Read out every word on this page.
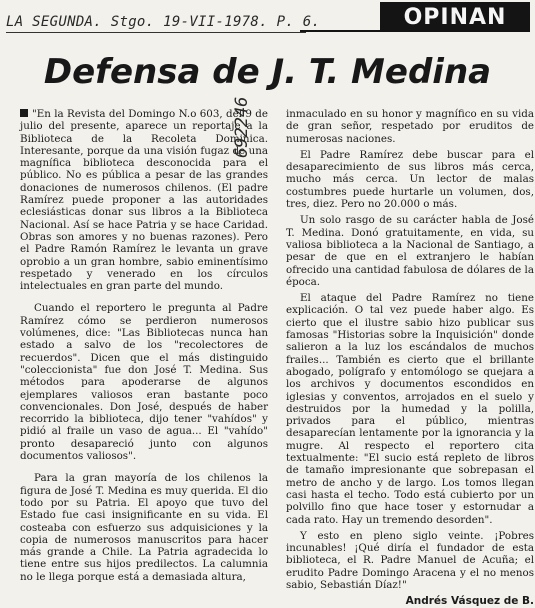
LA SEGUNDA. Stgo. 19-VII-1978. P. 6.	OPINAN
Defensa de J. T. Medina

"En la Revista del Domingo N.o 603, del 9 de julio del presente, aparece un reportaje a la Biblioteca de la Recoleta Dominica. Interesante, porque da una visión fugaz de una magnífica biblioteca desconocida para el público. No es pública a pesar de las grandes donaciones de numerosos chilenos. (El padre Ramírez puede proponer a las autoridades eclesiásticas donar sus libros a la Biblioteca Nacional. Así se hace Patria y se hace Caridad. Obras son amores y no buenas razones). Pero el Padre Ramón Ramírez le levanta un grave oprobio a un gran hombre, sabio eminentísimo respetado y venerado en los círculos intelectuales en gran parte del mundo.

Cuando el reportero le pregunta al Padre Ramírez cómo se perdieron numerosos volúmenes, dice: "Las Bibliotecas nunca han estado a salvo de los "recolectores de recuerdos". Dicen que el más distinguido "coleccionista" fue don José T. Medina. Sus métodos para apoderarse de algunos ejemplares valiosos eran bastante poco convencionales. Don José, después de haber recorrido la biblioteca, dijo tener "vahídos" y pidió al fraile un vaso de agua... El "vahído" pronto desapareció junto con algunos documentos valiosos".

Para la gran mayoría de los chilenos la figura de José T. Medina es muy querida. El dio todo por su Patria. El apoyo que tuvo del Estado fue casi insignificante en su vida. El costeaba con esfuerzo sus adquisiciones y la copia de numerosos manuscritos para hacer más grande a Chile. La Patria agradecida lo tiene entre sus hijos predilectos. La calumnia no le llega porque está a demasiada altura,

inmaculado en su honor y magnífico en su vida de gran señor, respetado por eruditos de numerosas naciones.

El Padre Ramírez debe buscar para el desaparecimiento de sus libros más cerca, mucho más cerca. Un lector de malas costumbres puede hurtarle un volumen, dos, tres, diez. Pero no 20.000 o más.

Un solo rasgo de su carácter habla de José T. Medina. Donó gratuitamente, en vida, su valiosa biblioteca a la Nacional de Santiago, a pesar de que en el extranjero le habían ofrecido una cantidad fabulosa de dólares de la época.

El ataque del Padre Ramírez no tiene explicación. O tal vez puede haber algo. Es cierto que el ilustre sabio hizo publicar sus famosas "Historias sobre la Inquisición" donde salieron a la luz los escándalos de muchos frailes... También es cierto que el brillante abogado, polígrafo y entomólogo se quejara a los archivos y documentos escondidos en iglesias y conventos, arrojados en el suelo y destruidos por la humedad y la polilla, privados para el público, mientras desaparecían lentamente por la ignorancia y la mugre. Al respecto el reportero cita textualmente: "El sucio está repleto de libros de tamaño impresionante que sobrepasan el metro de ancho y de largo. Los tomos llegan casi hasta el techo. Todo está cubierto por un polvillo fino que hace toser y estornudar a cada rato. Hay un tremendo desorden".

Y esto en pleno siglo veinte. ¡Pobres incunables! ¡Qué diría el fundador de esta biblioteca, el R. Padre Manuel de Acuña; el erudito Padre Domingo Aracena y el no menos sabio, Sebastián Díaz!"

Andrés Vásquez de B.
692246
